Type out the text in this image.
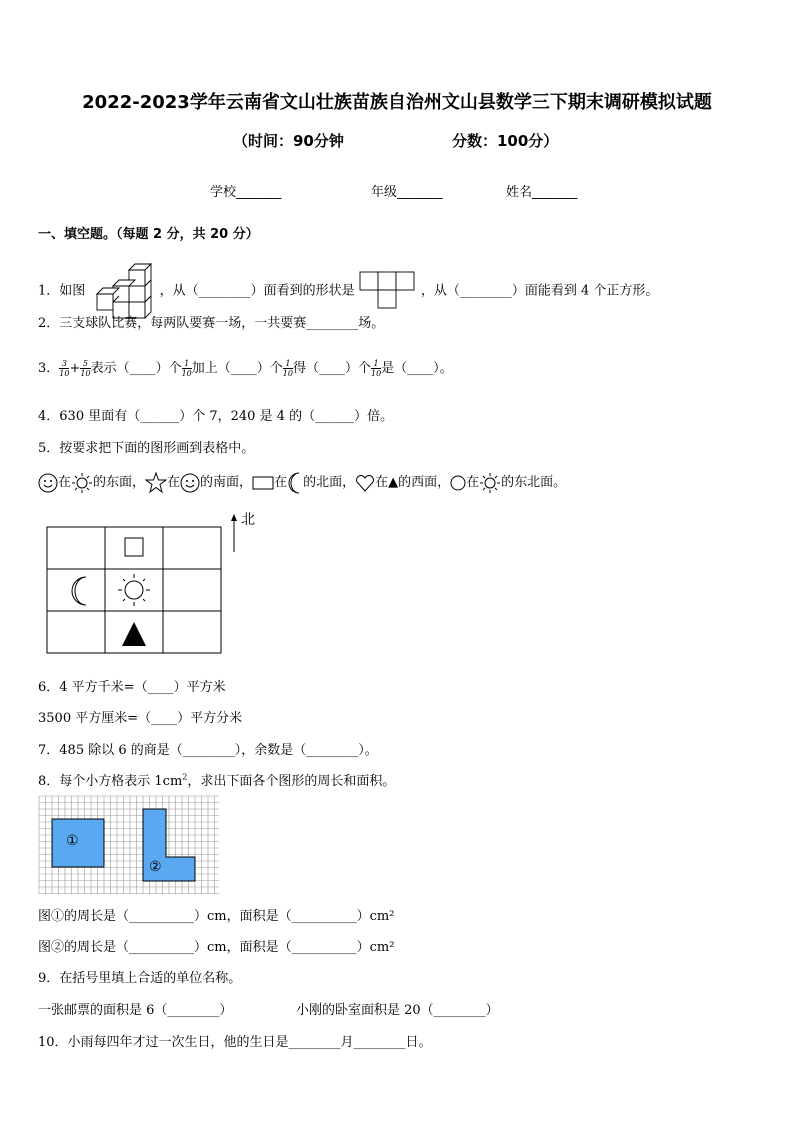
2022-2023学年云南省文山壮族苗族自治州文山县数学三下期末调研模拟试题
（时间：90分钟	分数：100分）
学校_______	年级_______	姓名_______
一、填空题。（每题 2 分，共 20 分）
1．如图	，从（________）面看到的形状是	，从（________）面能看到 4 个正方形。
2．三支球队比赛，每两队要赛一场，一共要赛________场。
3． $\frac{3}{10} + \frac{5}{10}$ 表示（____）个 $\frac{1}{10}$ 加上（____）个 $\frac{1}{10}$ 得（____）个 $\frac{1}{10}$ 是（____）。
4．630 里面有（______）个 7，240 是 4 的（______）倍。
5．按要求把下面的图形画到表格中。
在 的东面， 在 的南面， 在 的北面， 在▲的西面， 在 的东北面。
北
6．4 平方千米=（____）平方米
3500 平方厘米=（____）平方分米
7．485 除以 6 的商是（________），余数是（________）。
8．每个小方格表示 $1cm^2$，求出下面各个图形的周长和面积。
①
②
图①的周长是（__________）cm，面积是（__________）cm²
图②的周长是（__________）cm，面积是（__________）cm²
9．在括号里填上合适的单位名称。
一张邮票的面积是 6（________）	小刚的卧室面积是 20（________）
10．小雨每四年才过一次生日，他的生日是________月________日。
